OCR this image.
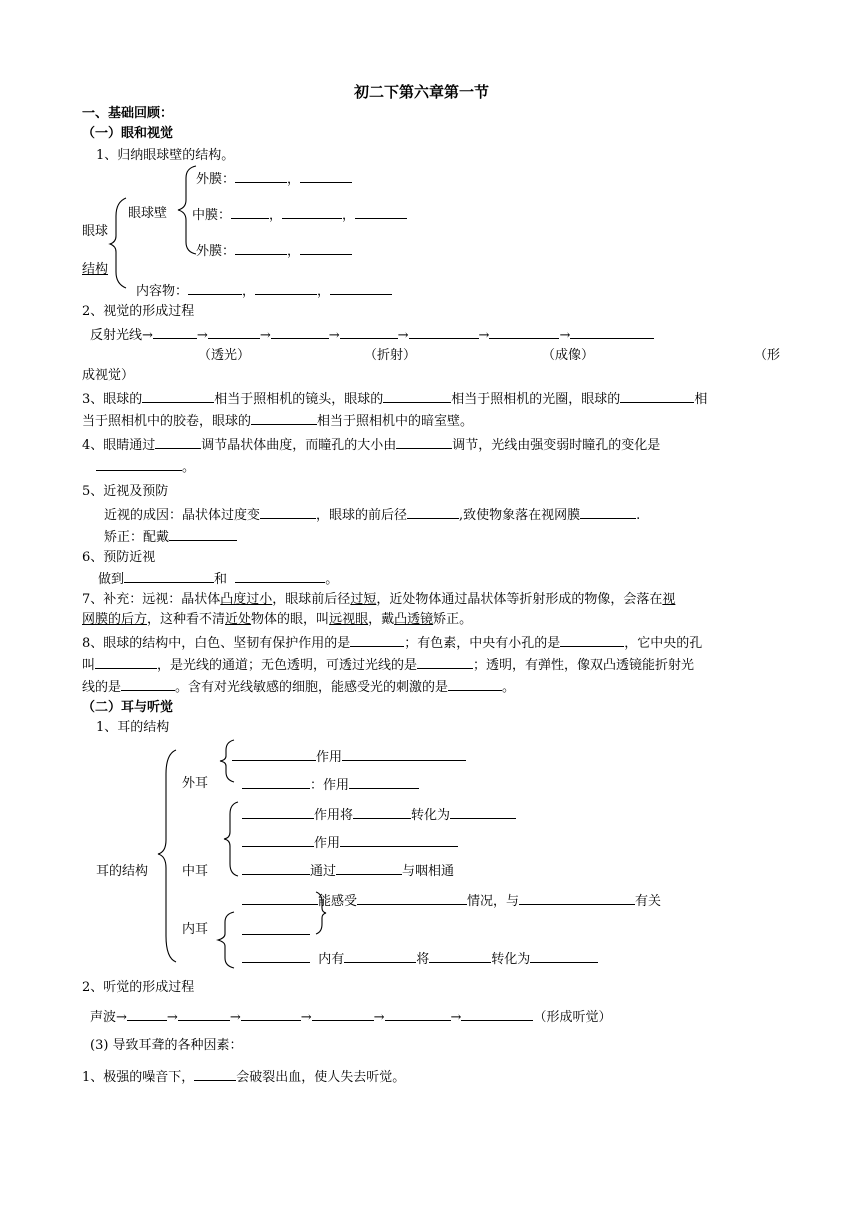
初二下第六章第一节
一、基础回顾：
（一）眼和视觉
1、归纳眼球壁的结构。
外膜：	，
眼球壁 中膜：	，	，
外膜：	，
眼球
结构
内容物：	，	，
2、视觉的形成过程
反射光线→	→	→	→	→	→	→
（透光）	（折射）	（成像）	（形
成视觉）
3、眼球的	相当于照相机的镜头，眼球的	相当于照相机的光圈，眼球的	相
当于照相机中的胶卷，眼球的	相当于照相机中的暗室壁。
4、眼睛通过	调节晶状体曲度，而瞳孔的大小由	调节，光线由强变弱时瞳孔的变化是
。
5、近视及预防
近视的成因：晶状体过度变	，眼球的前后径	,致使物象落在视网膜	.
矫正：配戴
6、预防近视
做到	和	。
7、补充：远视：晶状体凸度过小，眼球前后径过短，近处物体通过晶状体等折射形成的物像，会落在视
网膜的后方，这种看不清近处物体的眼，叫远视眼，戴凸透镜矫正。
8、眼球的结构中，白色、坚韧有保护作用的是	；有色素，中央有小孔的是	，它中央的孔
叫	，是光线的通道；无色透明，可透过光线的是	；透明，有弹性，像双凸透镜能折射光
线的是	。含有对光线敏感的细胞，能感受光的刺激的是	。
（二）耳与听觉
1、耳的结构
作用
：作用
外耳
作用将	转化为
作用
通过	与咽相通
中耳
耳的结构
能感受	情况，与	有关
内耳
内有	将	转化为
2、听觉的形成过程
声波→	→	→	→	→	→	（形成听觉）
(3) 导致耳聋的各种因素：
1、极强的噪音下，	会破裂出血，使人失去听觉。
